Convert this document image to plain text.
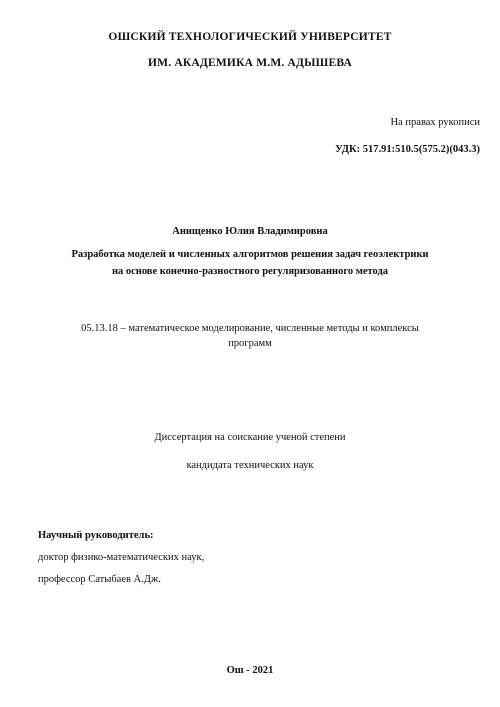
ОШСКИЙ ТЕХНОЛОГИЧЕСКИЙ УНИВЕРСИТЕТ
ИМ. АКАДЕМИКА М.М. АДЫШЕВА
На правах рукописи
УДК: 517.91:510.5(575.2)(043.3)
Анищенко Юлия Владимировна
Разработка моделей и численных алгоритмов решения задач геоэлектрики
на основе конечно-разностного регуляризованного метода
05.13.18 – математическое моделирование, численные методы и комплексы
программ
Диссертация на соискание ученой степени
кандидата технических наук
Научный руководитель:
доктор физико-математических наук,
профессор Сатыбаев А.Дж.
Ош - 2021
